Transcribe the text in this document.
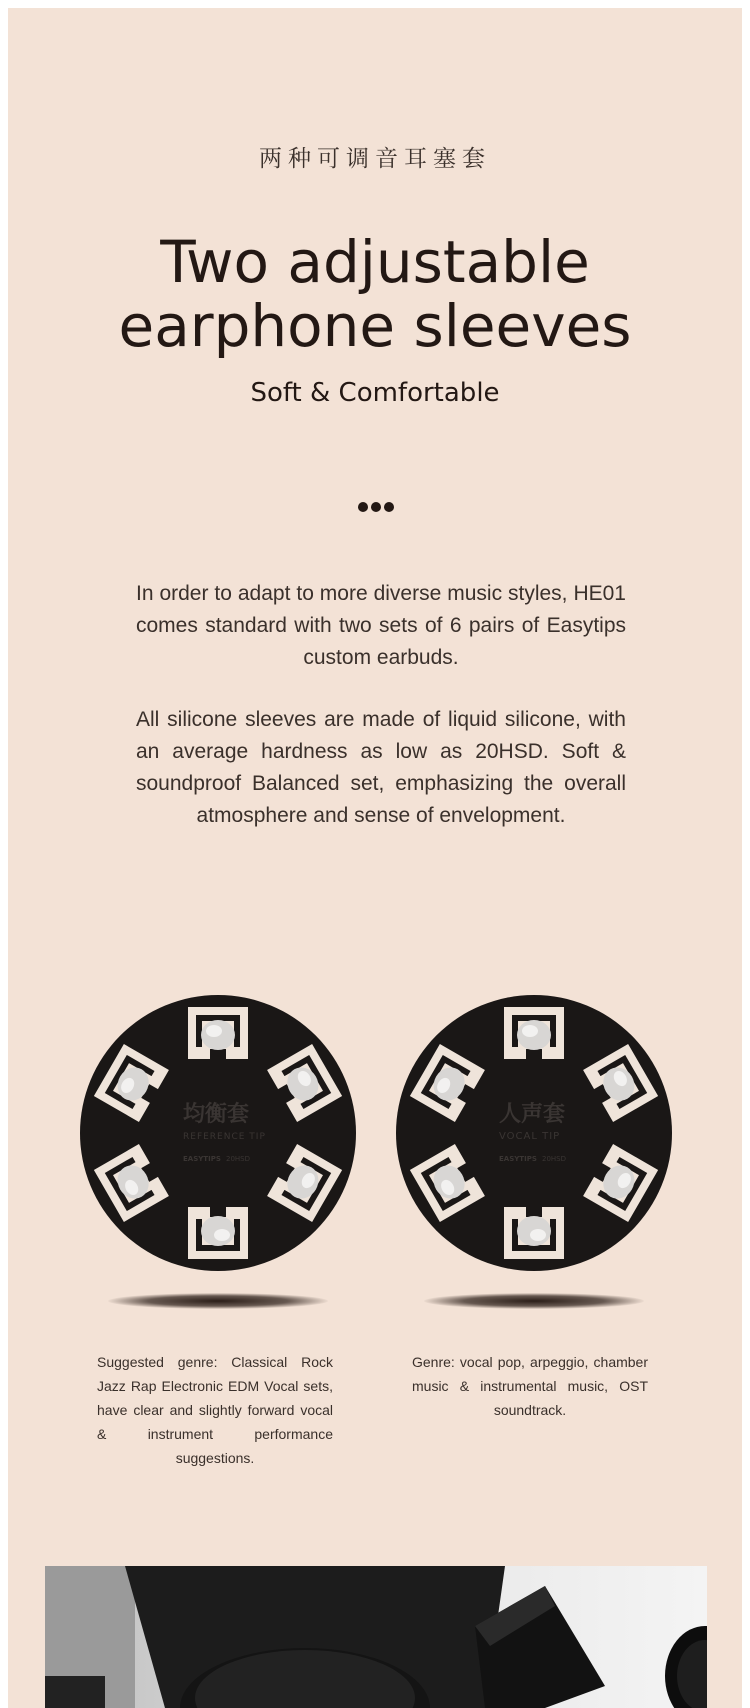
两种可调音耳塞套
Two adjustable
earphone sleeves
Soft & Comfortable
In order to adapt to more diverse music styles, HE01 comes standard with two sets of 6 pairs of Easytips custom earbuds.
All silicone sleeves are made of liquid silicone, with an average hardness as low as 20HSD. Soft & soundproof Balanced set, emphasizing the overall atmosphere and sense of envelopment.
均衡套
REFERENCE TIP
EASYTIPS 20HSD
人声套
VOCAL TIP
EASYTIPS 20HSD
Suggested genre: Classical Rock Jazz Rap Electronic EDM Vocal sets, have clear and slightly forward vocal & instrument performance suggestions.
Genre: vocal pop, arpeggio, chamber music & instrumental music, OST soundtrack.
